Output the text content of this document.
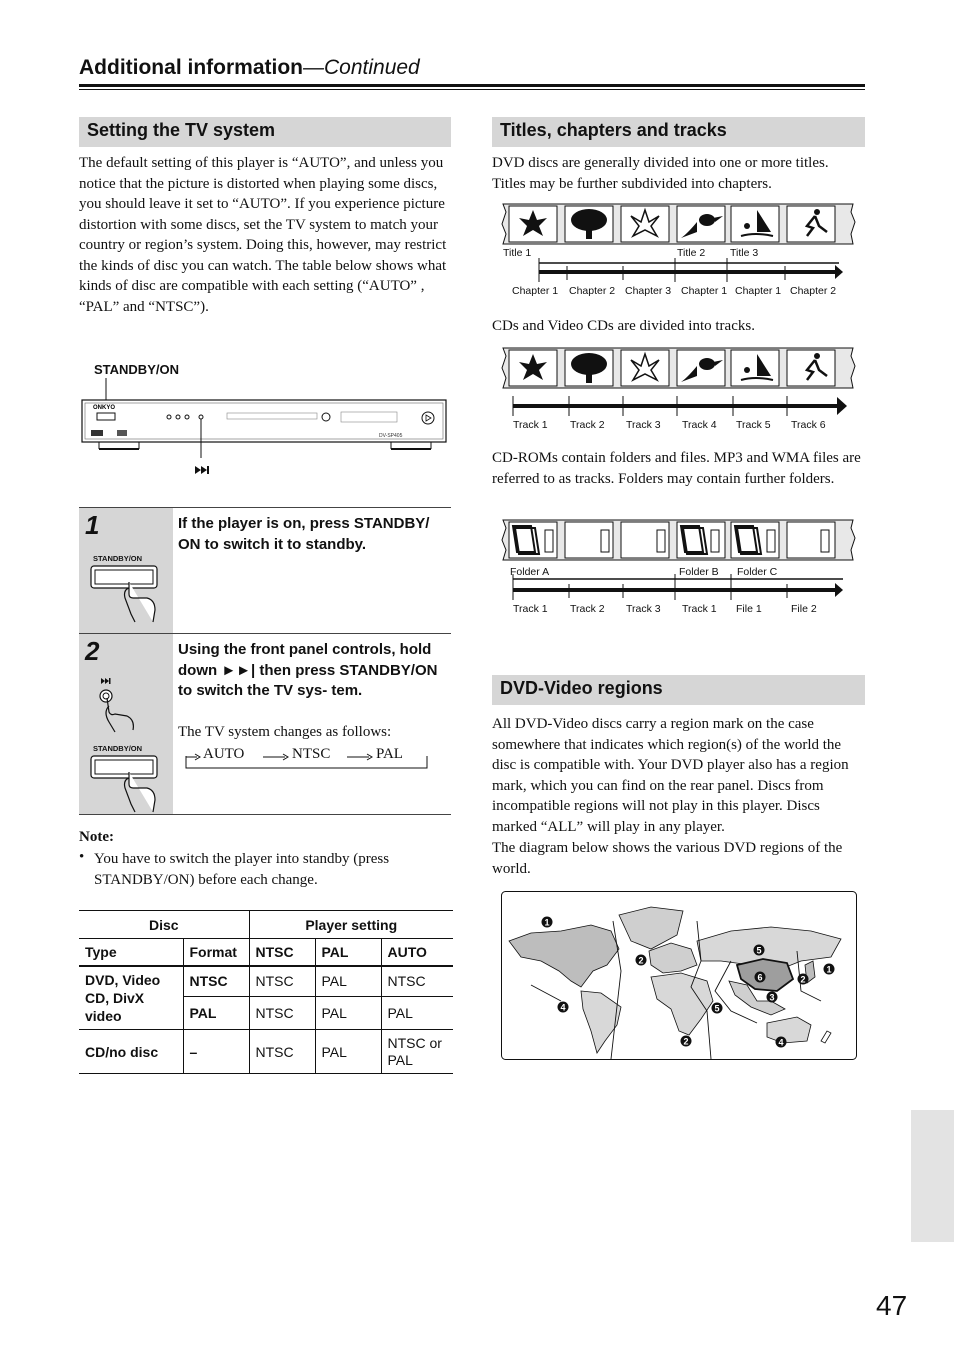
Additional information—Continued
Setting the TV system

The default setting of this player is “AUTO”, and unless you notice that the picture is distorted when playing some discs, you should leave it set to “AUTO”. If you experience picture distortion with some discs, set the TV system to match your country or region’s system. Doing this, however, may restrict the kinds of disc you can watch. The table below shows what kinds of disc are compatible with each setting (“AUTO” , “PAL” and “NTSC”).

STANDBY/ON
ONKYO
DV-SP405
1
STANDBY/ON
If the player is on, press STANDBY/ ON to switch it to standby.
2
STANDBY/ON
Using the front panel controls, hold down ►►| then press STANDBY/ON to switch the TV sys- tem.
The TV system changes as follows:
AUTO	NTSC	PAL
Note:
• You have to switch the player into standby (press STANDBY/ON) before each change.
Disc		Player setting		
Type	Format	NTSC	PAL	AUTO
DVD, Video CD, DivX video	NTSC	NTSC	PAL	NTSC
	PAL	NTSC	PAL	PAL
CD/no disc	–	NTSC	PAL	NTSC or PAL
Titles, chapters and tracks

DVD discs are generally divided into one or more titles. Titles may be further subdivided into chapters.

Title 1	Title 2 Title 3
Chapter 1 Chapter 2 Chapter 3 Chapter 1 Chapter 1 Chapter 2

CDs and Video CDs are divided into tracks.

Track 1 Track 2 Track 3 Track 4 Track 5 Track 6

CD-ROMs contain folders and files. MP3 and WMA files are referred to as tracks. Folders may contain further folders.

Folder A	Folder B Folder C
Track 1 Track 2 Track 3 Track 1 File 1	File 2
DVD-Video regions

All DVD-Video discs carry a region mark on the case somewhere that indicates which region(s) of the world the disc is compatible with. Your DVD player also has a region mark, which you can find on the rear panel. Discs from incompatible regions will not play in this player. Discs marked “ALL” will play in any player.

The diagram below shows the various DVD regions of the world.

1
2
4
5
5
6	2
1
3
2	4
47
